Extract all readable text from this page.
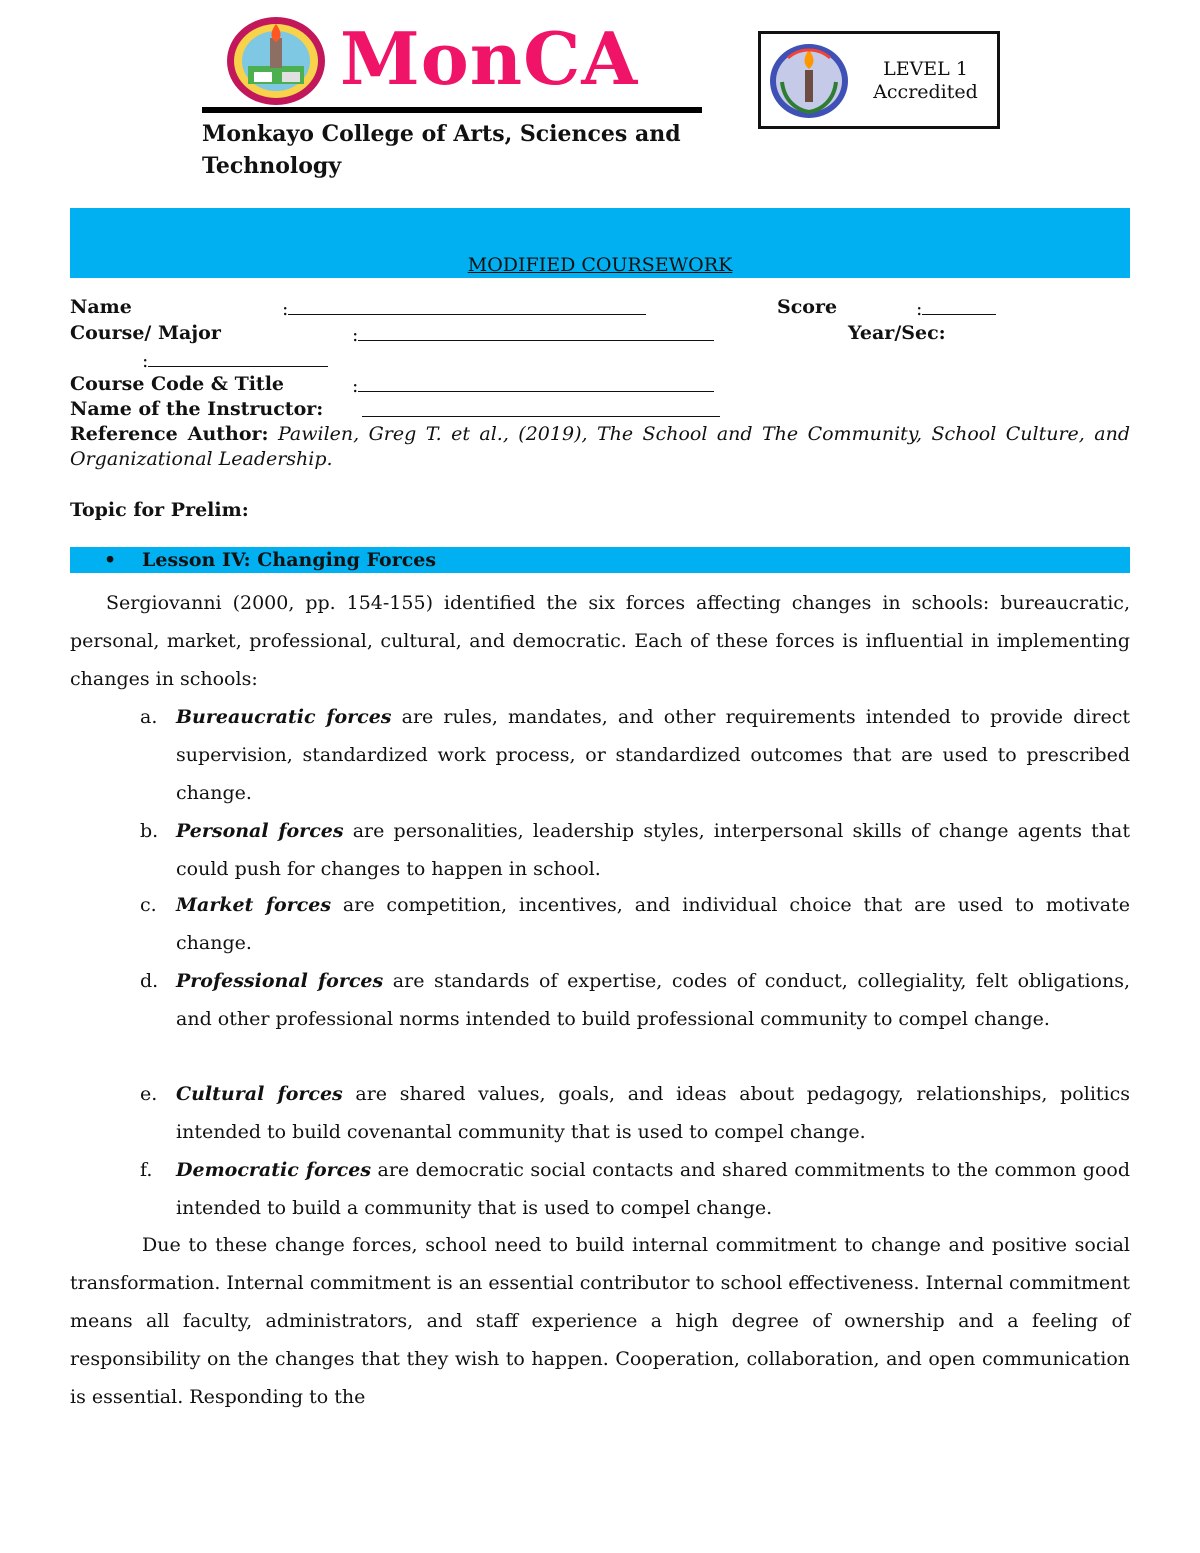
MonCA
Monkayo College of Arts, Sciences and Technology
LEVEL 1
Accredited
MODIFIED COURSEWORK
Name	:	Score	:
Course/ Major	:	Year/Sec:
:
Course Code & Title	:
Name of the Instructor:
Reference Author: Pawilen, Greg T. et al., (2019), The School and The Community, School Culture, and Organizational Leadership.
Topic for Prelim:
• Lesson IV: Changing Forces
Sergiovanni (2000, pp. 154-155) identified the six forces affecting changes in schools: bureaucratic, personal, market, professional, cultural, and democratic. Each of these forces is influential in implementing changes in schools:
a. Bureaucratic forces are rules, mandates, and other requirements intended to provide direct supervision, standardized work process, or standardized outcomes that are used to prescribed change.
b. Personal forces are personalities, leadership styles, interpersonal skills of change agents that could push for changes to happen in school.
c.	Market forces are competition, incentives, and individual choice that are used to motivate change.
d. Professional forces are standards of expertise, codes of conduct, collegiality, felt obligations, and other professional norms intended to build professional community to compel change.
e. Cultural forces are shared values, goals, and ideas about pedagogy, relationships, politics intended to build covenantal community that is used to compel change.
f.	Democratic forces are democratic social contacts and shared commitments to the common good intended to build a community that is used to compel change.
Due to these change forces, school need to build internal commitment to change and positive social transformation. Internal commitment is an essential contributor to school effectiveness. Internal commitment means all faculty, administrators, and staff experience a high degree of ownership and a feeling of responsibility on the changes that they wish to happen. Cooperation, collaboration, and open communication is essential. Responding to the
